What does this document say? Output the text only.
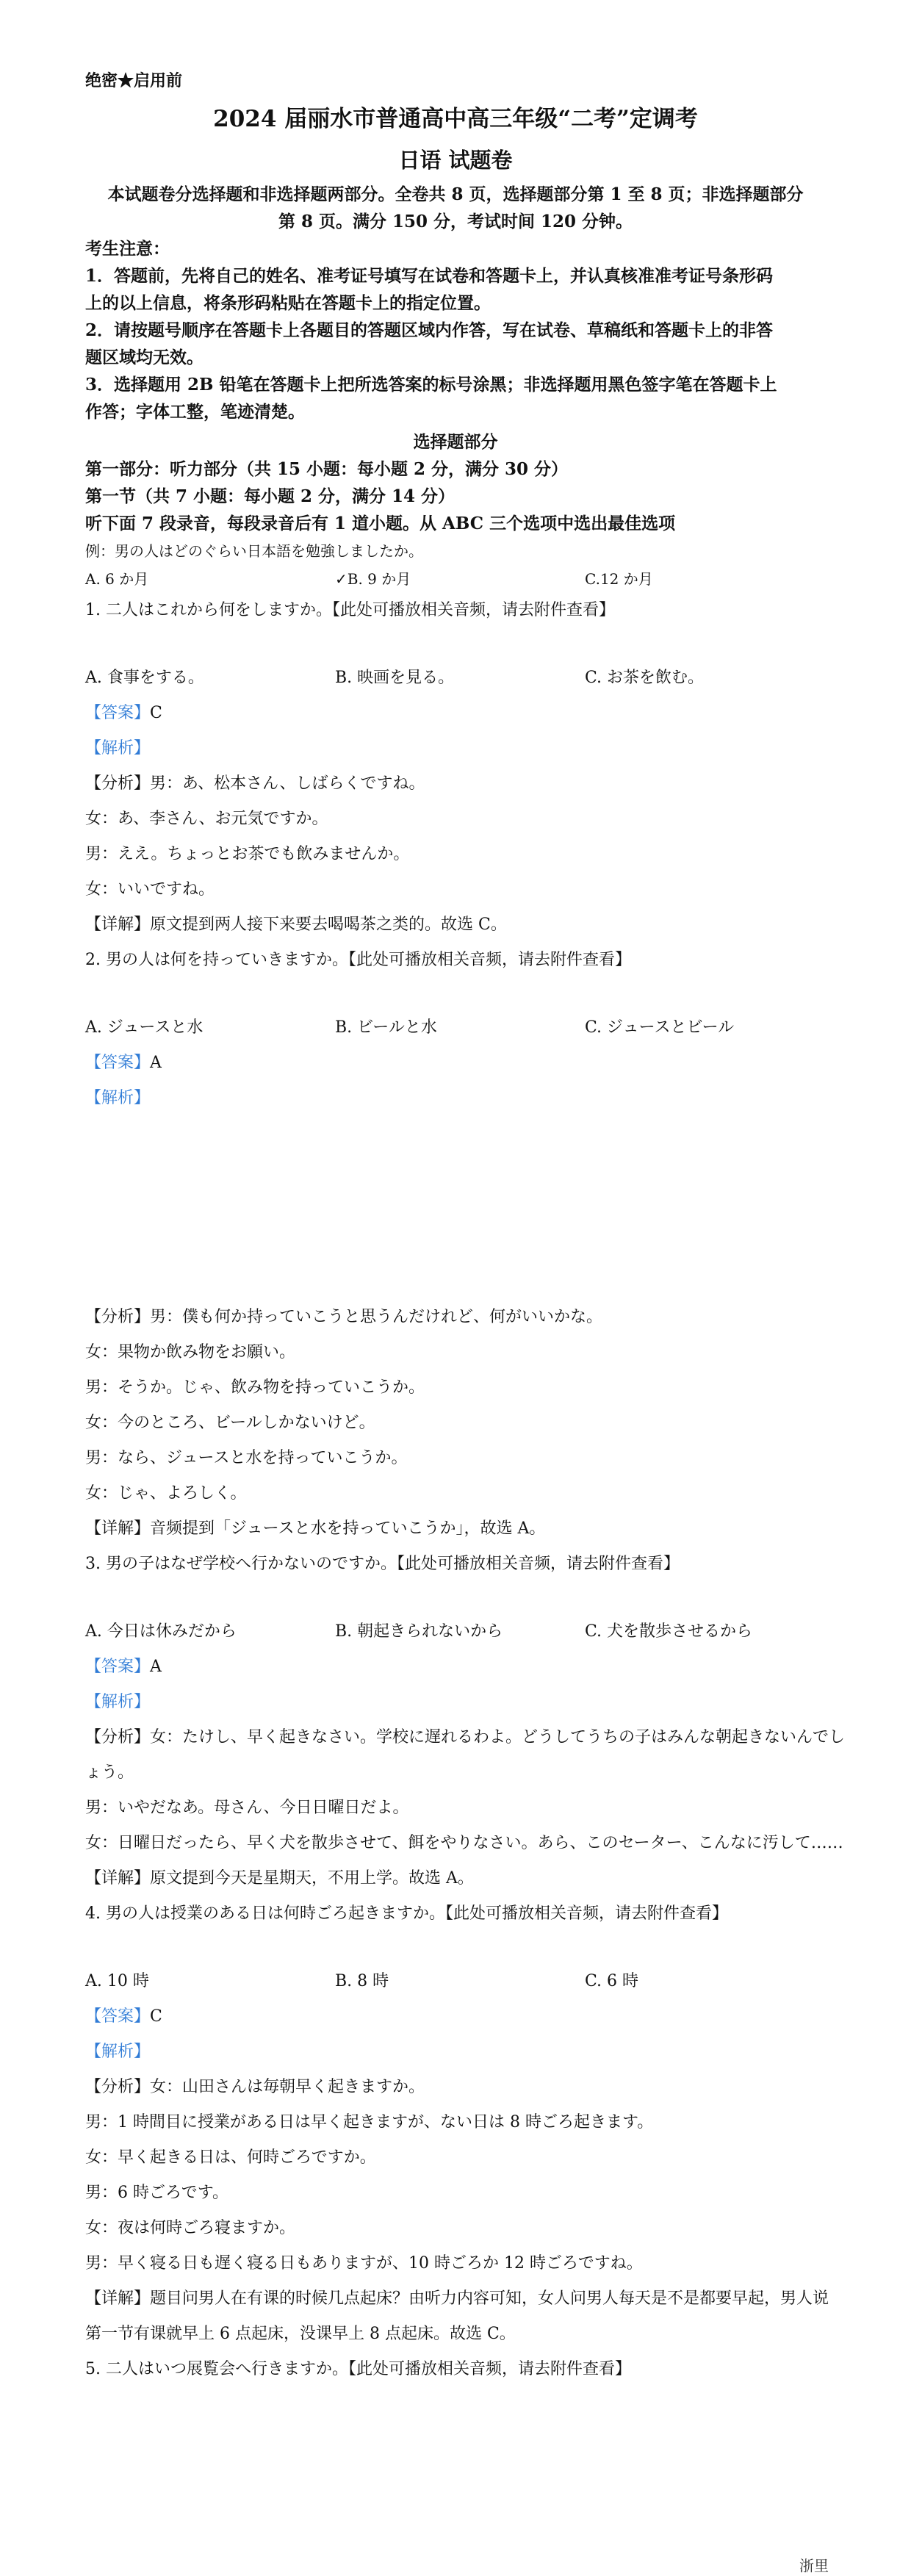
绝密★启用前
2024 届丽水市普通高中高三年级“二考”定调考
日语 试题卷

本试题卷分选择题和非选择题两部分。全卷共 8 页，选择题部分第 1 至 8 页；非选择题部分

第 8 页。满分 150 分，考试时间 120 分钟。

考生注意：

1．答题前，先将自己的姓名、准考证号填写在试卷和答题卡上，并认真核准准考证号条形码

上的以上信息，将条形码粘贴在答题卡上的指定位置。

2．请按题号顺序在答题卡上各题目的答题区域内作答，写在试卷、草稿纸和答题卡上的非答

题区域均无效。

3．选择题用 2B 铅笔在答题卡上把所选答案的标号涂黑；非选择题用黑色签字笔在答题卡上

作答；字体工整，笔迹清楚。

选择题部分

第一部分：听力部分（共 15 小题：每小题 2 分，满分 30 分）

第一节（共 7 小题：每小题 2 分，满分 14 分）

听下面 7 段录音，每段录音后有 1 道小题。从 ABC 三个选项中选出最佳选项

例：男の人はどのぐらい日本語を勉強しましたか。

A. 6 か月	✓B. 9 か月	C.12 か月

1. 二人はこれから何をしますか。【此处可播放相关音频，请去附件查看】

A. 食事をする。	B. 映画を見る。	C. お茶を飲む。

【答案】C

【解析】

【分析】男：あ、松本さん、しばらくですね。

女：あ、李さん、お元気ですか。

男：ええ。ちょっとお茶でも飲みませんか。

女：いいですね。

【详解】原文提到两人接下来要去喝喝茶之类的。故选 C。

2. 男の人は何を持っていきますか。【此处可播放相关音频，请去附件查看】

A. ジュースと水	B. ビールと水	C. ジュースとビール

【答案】A

【解析】

【分析】男：僕も何か持っていこうと思うんだけれど、何がいいかな。

女：果物か飲み物をお願い。

男：そうか。じゃ、飲み物を持っていこうか。

女：今のところ、ビールしかないけど。

男：なら、ジュースと水を持っていこうか。

女：じゃ、よろしく。

【详解】音频提到「ジュースと水を持っていこうか」，故选 A。

3. 男の子はなぜ学校へ行かないのですか。【此处可播放相关音频，请去附件查看】

A. 今日は休みだから	B. 朝起きられないから	C. 犬を散歩させるから

【答案】A

【解析】

【分析】女：たけし、早く起きなさい。学校に遅れるわよ。どうしてうちの子はみんな朝起きないんでし

ょう。

男：いやだなあ。母さん、今日日曜日だよ。

女：日曜日だったら、早く犬を散歩させて、餌をやりなさい。あら、このセーター、こんなに汚して……

【详解】原文提到今天是星期天，不用上学。故选 A。

4. 男の人は授業のある日は何時ごろ起きますか。【此处可播放相关音频，请去附件查看】

A. 10 時	B. 8 時	C. 6 時

【答案】C

【解析】

【分析】女：山田さんは毎朝早く起きますか。

男：1 時間目に授業がある日は早く起きますが、ない日は 8 時ごろ起きます。

女：早く起きる日は、何時ごろですか。

男：6 時ごろです。

女：夜は何時ごろ寝ますか。

男：早く寝る日も遅く寝る日もありますが、10 時ごろか 12 時ごろですね。

【详解】题目问男人在有课的时候几点起床？由听力内容可知，女人问男人每天是不是都要早起，男人说

第一节有课就早上 6 点起床，没课早上 8 点起床。故选 C。

5. 二人はいつ展覧会へ行きますか。【此处可播放相关音频，请去附件查看】

浙里
